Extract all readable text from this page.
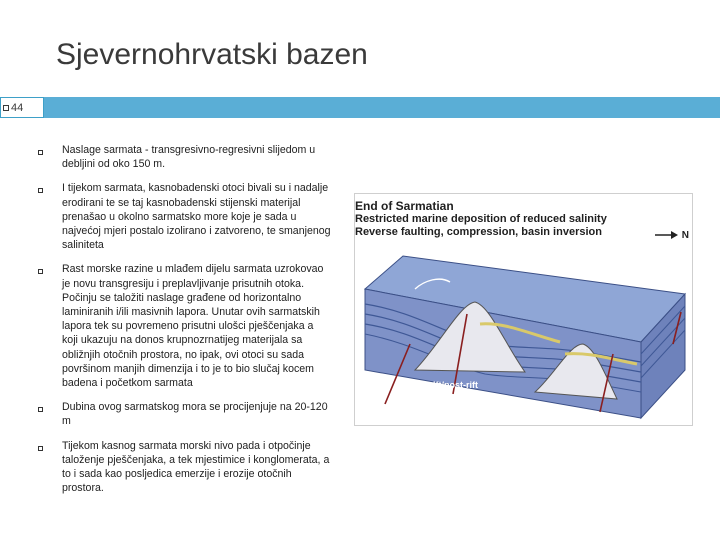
Sjevernohrvatski bazen
44
Naslage sarmata - transgresivno-regresivni slijedom u debljini od oko 150 m.
I tijekom sarmata, kasnobadenski otoci bivali su i nadalje erodirani te se taj kasnobadenski stijenski materijal prenašao u okolno sarmatsko more koje je sada u najvećoj mjeri postalo izolirano i zatvoreno, te smanjenog saliniteta
Rast morske razine u mlađem dijelu sarmata uzrokovao je novu transgresiju i preplavljivanje prisutnih otoka. Počinju se taložiti naslage građene od horizontalno laminiranih i/ili masivnih lapora. Unutar ovih sarmatskih lapora tek su povremeno prisutni ulošci pješčenjaka a koji ukazuju na donos krupnozrnatijeg materijala sa obližnjih otočnih prostora, no ipak, ovi otoci su sada površinom manjih dimenzija i to je to bio slučaj kocem badena i početkom sarmata
Dubina ovog sarmatskog mora se procijenjuje na 20-120 m
Tijekom kasnog sarmata morski nivo pada i otpočinje taloženje pješčenjaka, a tek mjestimice i konglomerata, a to i sada kao posljedica emerzije i erozije otočnih prostora.
End of Sarmatian
Restricted marine deposition of reduced salinity
Reverse faulting, compression, basin inversion	N
syn-rift/post-rift
boundary
